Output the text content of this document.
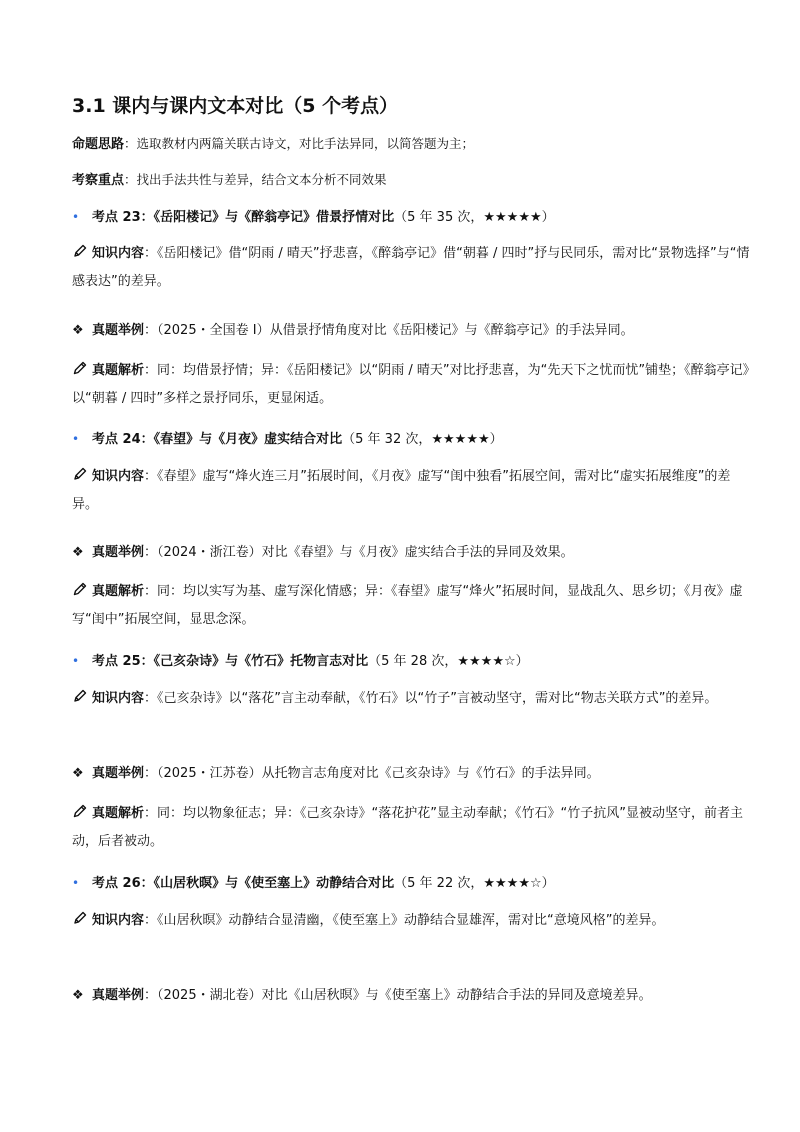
3.1 课内与课内文本对比（5 个考点）
命题思路：选取教材内两篇关联古诗文，对比手法异同，以简答题为主；
考察重点：找出手法共性与差异，结合文本分析不同效果
• 考点 23：《岳阳楼记》与《醉翁亭记》借景抒情对比（5 年 35 次，★★★★★）
知识内容：《岳阳楼记》借“阴雨 / 晴天”抒悲喜，《醉翁亭记》借“朝暮 / 四时”抒与民同乐，需对比“景物选择”与“情感表达”的差异。
❖ 真题举例：（2025・全国卷 Ⅰ）从借景抒情角度对比《岳阳楼记》与《醉翁亭记》的手法异同。
真题解析：同：均借景抒情；异：《岳阳楼记》以“阴雨 / 晴天”对比抒悲喜，为“先天下之忧而忧”铺垫；《醉翁亭记》以“朝暮 / 四时”多样之景抒同乐，更显闲适。
• 考点 24：《春望》与《月夜》虚实结合对比（5 年 32 次，★★★★★）
知识内容：《春望》虚写“烽火连三月”拓展时间，《月夜》虚写“闺中独看”拓展空间，需对比“虚实拓展维度”的差异。
❖ 真题举例：（2024・浙江卷）对比《春望》与《月夜》虚实结合手法的异同及效果。
真题解析：同：均以实写为基、虚写深化情感；异：《春望》虚写“烽火”拓展时间，显战乱久、思乡切；《月夜》虚写“闺中”拓展空间，显思念深。
• 考点 25：《己亥杂诗》与《竹石》托物言志对比（5 年 28 次，★★★★☆）
知识内容：《己亥杂诗》以“落花”言主动奉献，《竹石》以“竹子”言被动坚守，需对比“物志关联方式”的差异。
❖ 真题举例：（2025・江苏卷）从托物言志角度对比《己亥杂诗》与《竹石》的手法异同。
真题解析：同：均以物象征志；异：《己亥杂诗》“落花护花”显主动奉献；《竹石》“竹子抗风”显被动坚守，前者主动，后者被动。
• 考点 26：《山居秋暝》与《使至塞上》动静结合对比（5 年 22 次，★★★★☆）
知识内容：《山居秋暝》动静结合显清幽，《使至塞上》动静结合显雄浑，需对比“意境风格”的差异。
❖ 真题举例：（2025・湖北卷）对比《山居秋暝》与《使至塞上》动静结合手法的异同及意境差异。
